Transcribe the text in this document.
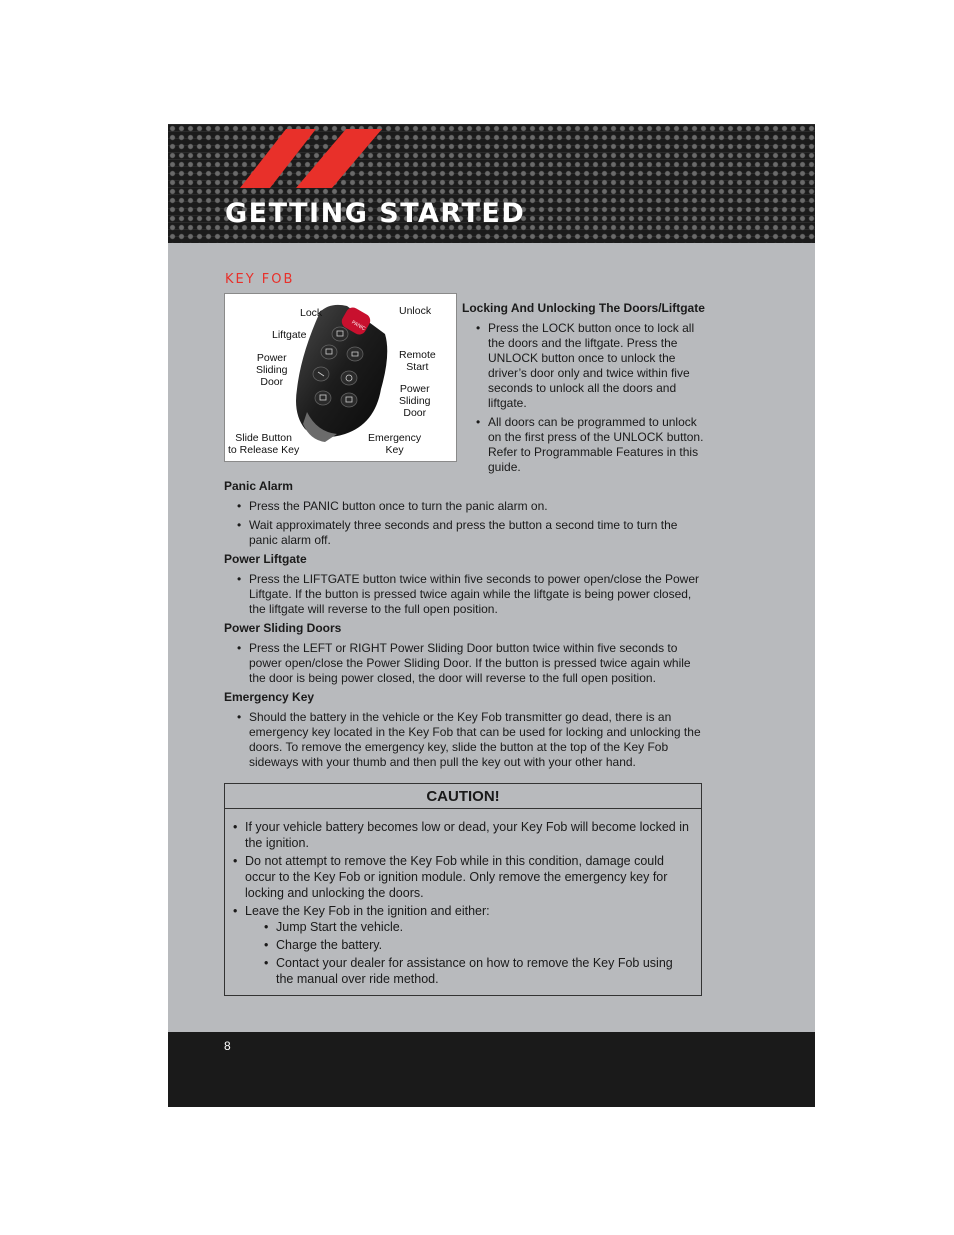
GETTING STARTED
KEY FOB
PANIC
Lock	Unlock
Liftgate
Remote
Start
Power
Sliding
Door
Power
Sliding
Door
Slide Button
to Release Key
Emergency
Key
Locking And Unlocking The Doors/Liftgate
• Press the LOCK button once to lock all the doors and the liftgate. Press the UNLOCK button once to unlock the driver’s door only and twice within five seconds to unlock all the doors and liftgate.
• All doors can be programmed to unlock on the first press of the UNLOCK button. Refer to Programmable Features in this guide.
Panic Alarm
• Press the PANIC button once to turn the panic alarm on.
• Wait approximately three seconds and press the button a second time to turn the panic alarm off.
Power Liftgate
• Press the LIFTGATE button twice within five seconds to power open/close the Power Liftgate. If the button is pressed twice again while the liftgate is being power closed, the liftgate will reverse to the full open position.
Power Sliding Doors
• Press the LEFT or RIGHT Power Sliding Door button twice within five seconds to power open/close the Power Sliding Door. If the button is pressed twice again while the door is being power closed, the door will reverse to the full open position.
Emergency Key
• Should the battery in the vehicle or the Key Fob transmitter go dead, there is an emergency key located in the Key Fob that can be used for locking and unlocking the doors. To remove the emergency key, slide the button at the top of the Key Fob sideways with your thumb and then pull the key out with your other hand.
CAUTION!
• If your vehicle battery becomes low or dead, your Key Fob will become locked in the ignition.
• Do not attempt to remove the Key Fob while in this condition, damage could occur to the Key Fob or ignition module. Only remove the emergency key for locking and unlocking the doors.
• Leave the Key Fob in the ignition and either:
• Jump Start the vehicle.
• Charge the battery.
• Contact your dealer for assistance on how to remove the Key Fob using the manual over ride method.
8
